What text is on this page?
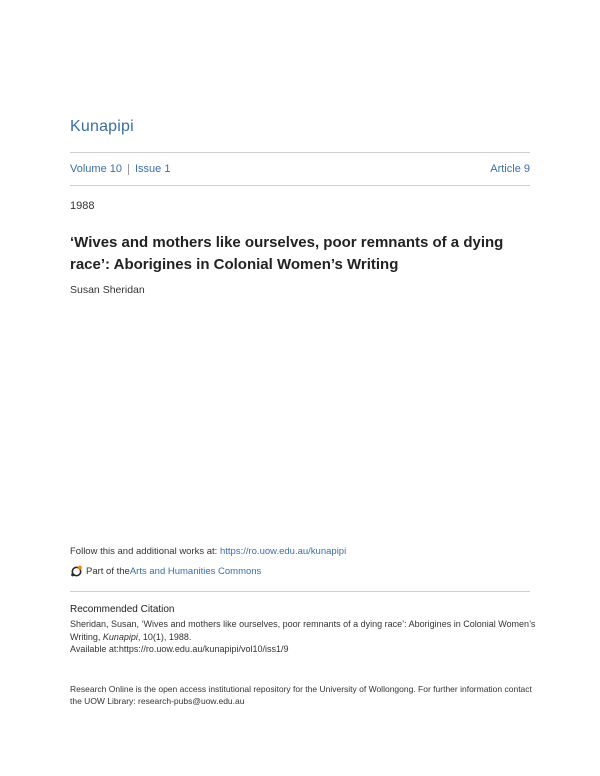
Kunapipi
Volume 10 Issue 1	Article 9
1988
‘Wives and mothers like ourselves, poor remnants of a dying race’: Aborigines in Colonial Women’s Writing
Susan Sheridan
Follow this and additional works at: https://ro.uow.edu.au/kunapipi
Part of the Arts and Humanities Commons
Recommended Citation
Sheridan, Susan, ‘Wives and mothers like ourselves, poor remnants of a dying race’: Aborigines in Colonial Women’s Writing, Kunapipi, 10(1), 1988.
Available at:https://ro.uow.edu.au/kunapipi/vol10/iss1/9
Research Online is the open access institutional repository for the University of Wollongong. For further information contact the UOW Library: research-pubs@uow.edu.au
